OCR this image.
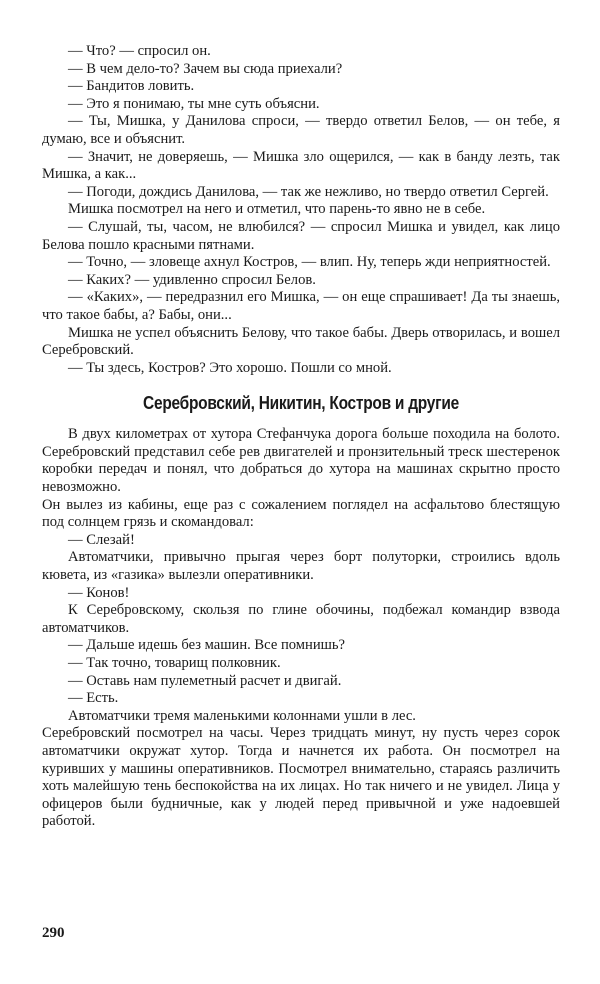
— Что? — спросил он.

— В чем дело-то? Зачем вы сюда приехали?

— Бандитов ловить.

— Это я понимаю, ты мне суть объясни.

— Ты, Мишка, у Данилова спроси, — твердо ответил Белов, — он тебе, я думаю, все и объяснит.

— Значит, не доверяешь, — Мишка зло ощерился, — как в банду лезть, так Мишка, а как...

— Погоди, дождись Данилова, — так же нежливо, но твердо ответил Сергей.

Мишка посмотрел на него и отметил, что парень-то явно не в себе.

— Слушай, ты, часом, не влюбился? — спросил Мишка и увидел, как лицо Белова пошло красными пятнами.

— Точно, — зловеще ахнул Костров, — влип. Ну, теперь жди неприятностей.

— Каких? — удивленно спросил Белов.

— «Каких», — передразнил его Мишка, — он еще спрашивает! Да ты знаешь, что такое бабы, а? Бабы, они...

Мишка не успел объяснить Белову, что такое бабы. Дверь отворилась, и вошел Серебровский.

— Ты здесь, Костров? Это хорошо. Пошли со мной.

Серебровский, Никитин, Костров и другие

В двух километрах от хутора Стефанчука дорога больше походила на болото. Серебровский представил себе рев двигателей и пронзительный треск шестеренок коробки передач и понял, что добраться до хутора на машинах скрытно просто невозможно.

Он вылез из кабины, еще раз с сожалением поглядел на асфальтово блестящую под солнцем грязь и скомандовал:

— Слезай!

Автоматчики, привычно прыгая через борт полуторки, строились вдоль кювета, из «газика» вылезли оперативники.

— Конов!

К Серебровскому, скользя по глине обочины, подбежал командир взвода автоматчиков.

— Дальше идешь без машин. Все помнишь?

— Так точно, товарищ полковник.

— Оставь нам пулеметный расчет и двигай.

— Есть.

Автоматчики тремя маленькими колоннами ушли в лес.

Серебровский посмотрел на часы. Через тридцать минут, ну пусть через сорок автоматчики окружат хутор. Тогда и начнется их работа. Он посмотрел на куривших у машины оперативников. Посмотрел внимательно, стараясь различить хоть малейшую тень беспокойства на их лицах. Но так ничего и не увидел. Лица у офицеров были будничные, как у людей перед привычной и уже надоевшей работой.

290
